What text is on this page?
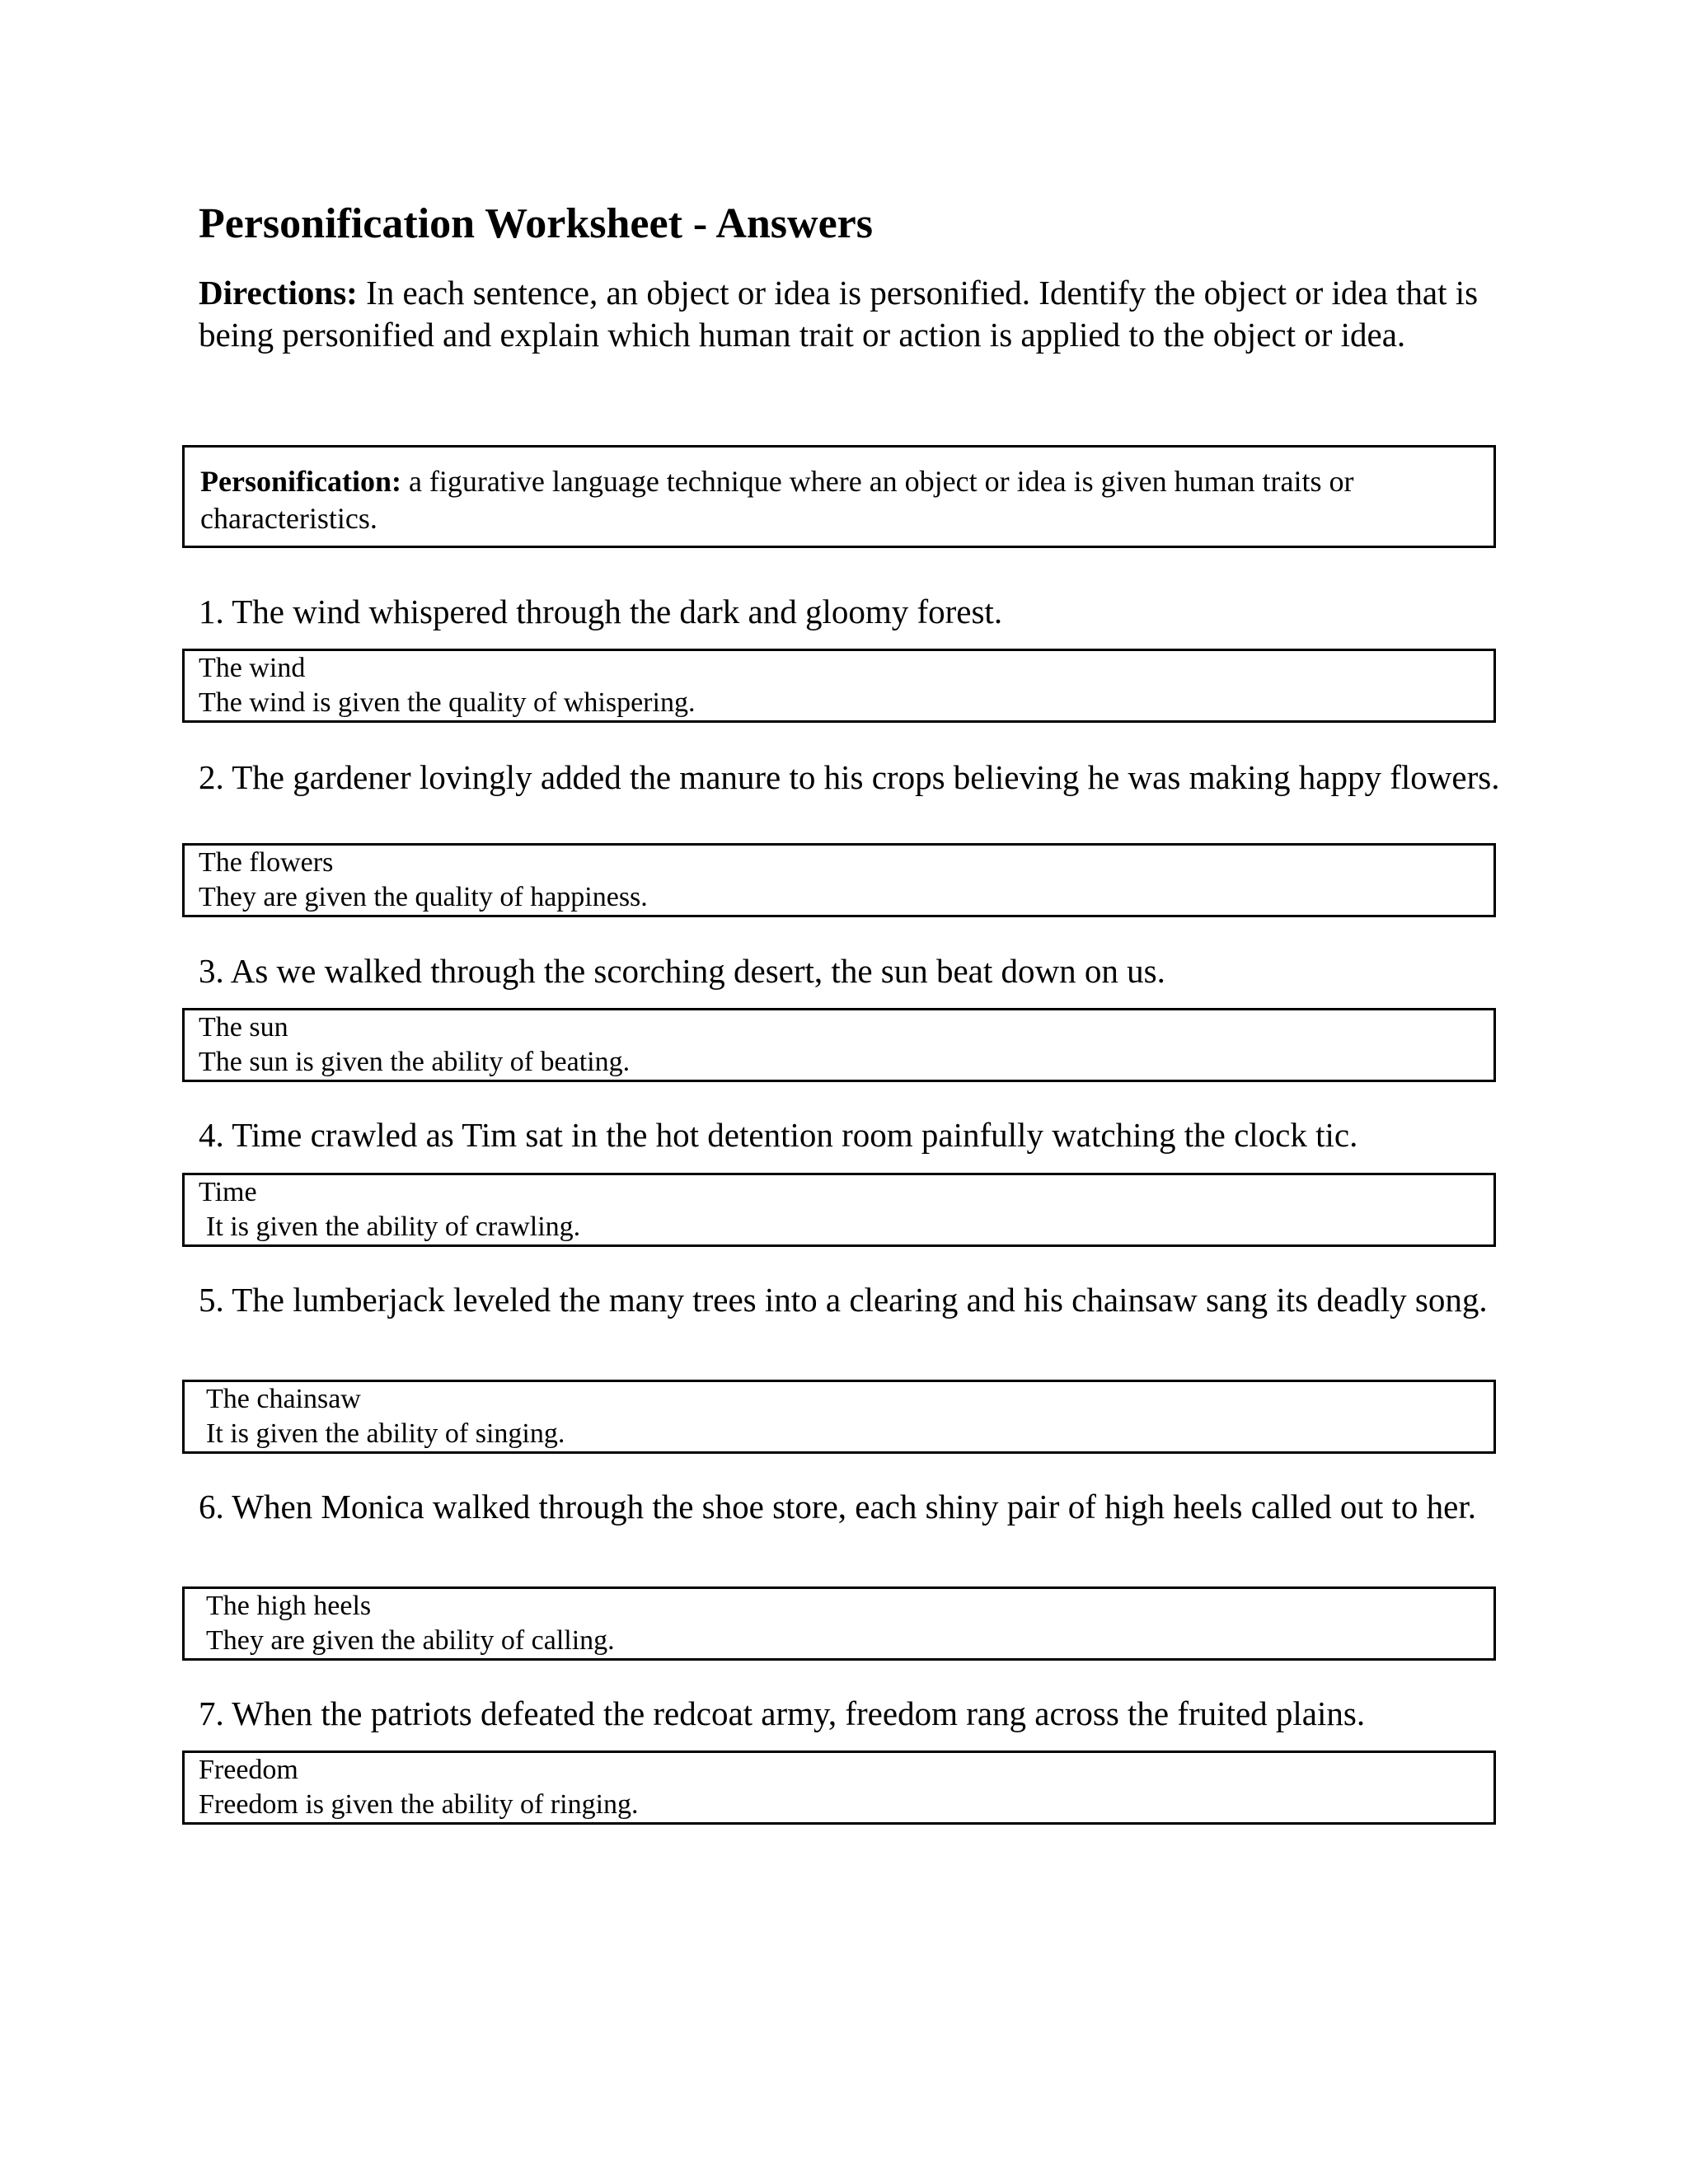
Personification Worksheet - Answers

Directions: In each sentence, an object or idea is personified. Identify the object or idea that is being personified and explain which human trait or action is applied to the object or idea.

Personification: a figurative language technique where an object or idea is given human traits or characteristics.

1. The wind whispered through the dark and gloomy forest.

The wind
The wind is given the quality of whispering.

2. The gardener lovingly added the manure to his crops believing he was making happy flowers.

The flowers
They are given the quality of happiness.

3. As we walked through the scorching desert, the sun beat down on us.

The sun
The sun is given the ability of beating.

4. Time crawled as Tim sat in the hot detention room painfully watching the clock tic.

Time
It is given the ability of crawling.

5. The lumberjack leveled the many trees into a clearing and his chainsaw sang its deadly song.

The chainsaw
It is given the ability of singing.

6. When Monica walked through the shoe store, each shiny pair of high heels called out to her.

The high heels
They are given the ability of calling.

7. When the patriots defeated the redcoat army, freedom rang across the fruited plains.

Freedom
Freedom is given the ability of ringing.
